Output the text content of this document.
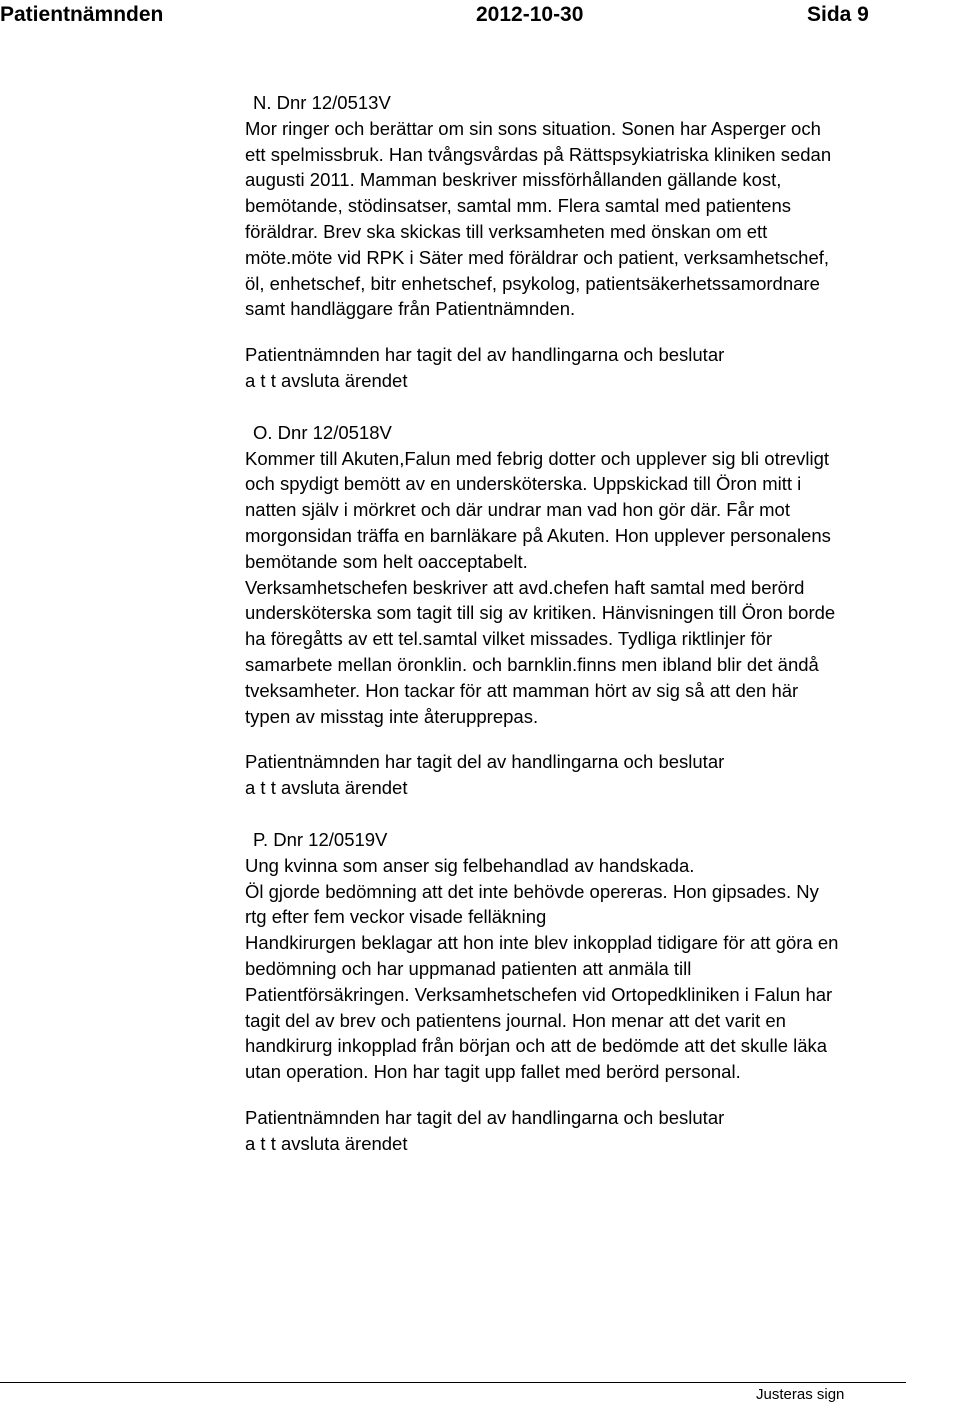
Patientnämnden	2012-10-30	Sida 9
N. Dnr 12/0513V
Mor ringer och berättar om sin sons situation. Sonen har Asperger och
ett spelmissbruk. Han tvångsvårdas på Rättspsykiatriska kliniken sedan
augusti 2011. Mamman beskriver missförhållanden gällande kost,
bemötande, stödinsatser, samtal mm. Flera samtal med patientens
föräldrar. Brev ska skickas till verksamheten med önskan om ett
möte.möte vid RPK i Säter med föräldrar och patient, verksamhetschef,
öl, enhetschef, bitr enhetschef, psykolog, patientsäkerhetssamordnare
samt handläggare från Patientnämnden.
Patientnämnden har tagit del av handlingarna och beslutar
a t t avsluta ärendet
O. Dnr 12/0518V
Kommer till Akuten,Falun med febrig dotter och upplever sig bli otrevligt
och spydigt bemött av en undersköterska. Uppskickad till Öron mitt i
natten själv i mörkret och där undrar man vad hon gör där. Får mot
morgonsidan träffa en barnläkare på Akuten. Hon upplever personalens
bemötande som helt oacceptabelt.
Verksamhetschefen beskriver att avd.chefen haft samtal med berörd
undersköterska som tagit till sig av kritiken. Hänvisningen till Öron borde
ha föregåtts av ett tel.samtal vilket missades. Tydliga riktlinjer för
samarbete mellan öronklin. och barnklin.finns men ibland blir det ändå
tveksamheter. Hon tackar för att mamman hört av sig så att den här
typen av misstag inte återupprepas.
Patientnämnden har tagit del av handlingarna och beslutar
a t t avsluta ärendet
P. Dnr 12/0519V
Ung kvinna som anser sig felbehandlad av handskada.
Öl gjorde bedömning att det inte behövde opereras. Hon gipsades. Ny
rtg efter fem veckor visade felläkning
Handkirurgen beklagar att hon inte blev inkopplad tidigare för att göra en
bedömning och har uppmanad patienten att anmäla till
Patientförsäkringen. Verksamhetschefen vid Ortopedkliniken i Falun har
tagit del av brev och patientens journal. Hon menar att det varit en
handkirurg inkopplad från början och att de bedömde att det skulle läka
utan operation. Hon har tagit upp fallet med berörd personal.
Patientnämnden har tagit del av handlingarna och beslutar
a t t avsluta ärendet
Justeras sign
